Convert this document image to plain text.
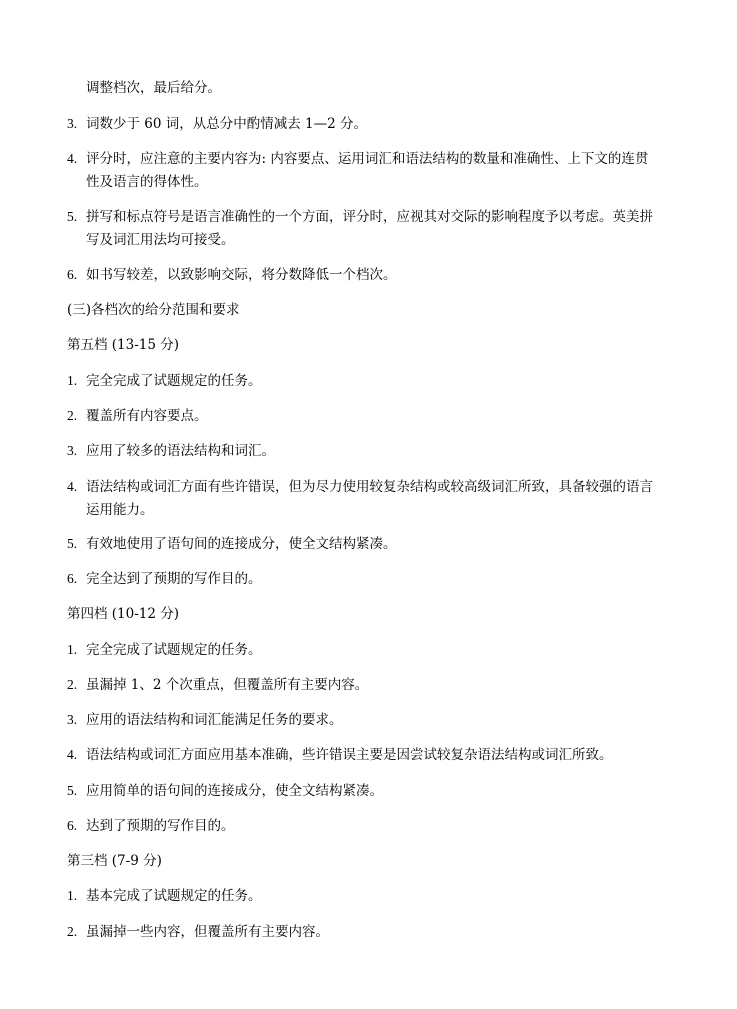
调整档次，最后给分。
3. 词数少于 60 词，从总分中酌情减去 1—2 分。
4. 评分时，应注意的主要内容为: 内容要点、运用词汇和语法结构的数量和准确性、上下文的连贯
性及语言的得体性。
5. 拼写和标点符号是语言准确性的一个方面，评分时，应视其对交际的影响程度予以考虑。英美拼
写及词汇用法均可接受。
6. 如书写较差，以致影响交际，将分数降低一个档次。
(三)各档次的给分范围和要求
第五档 (13-15 分)
1. 完全完成了试题规定的任务。
2. 覆盖所有内容要点。
3. 应用了较多的语法结构和词汇。
4. 语法结构或词汇方面有些许错误，但为尽力使用较复杂结构或较高级词汇所致，具备较强的语言
运用能力。
5. 有效地使用了语句间的连接成分，使全文结构紧凑。
6. 完全达到了预期的写作目的。
第四档 (10-12 分)
1. 完全完成了试题规定的任务。
2. 虽漏掉 1、2 个次重点，但覆盖所有主要内容。
3. 应用的语法结构和词汇能满足任务的要求。
4. 语法结构或词汇方面应用基本准确，些许错误主要是因尝试较复杂语法结构或词汇所致。
5. 应用简单的语句间的连接成分，使全文结构紧凑。
6. 达到了预期的写作目的。
第三档 (7-9 分)
1. 基本完成了试题规定的任务。
2. 虽漏掉一些内容，但覆盖所有主要内容。
